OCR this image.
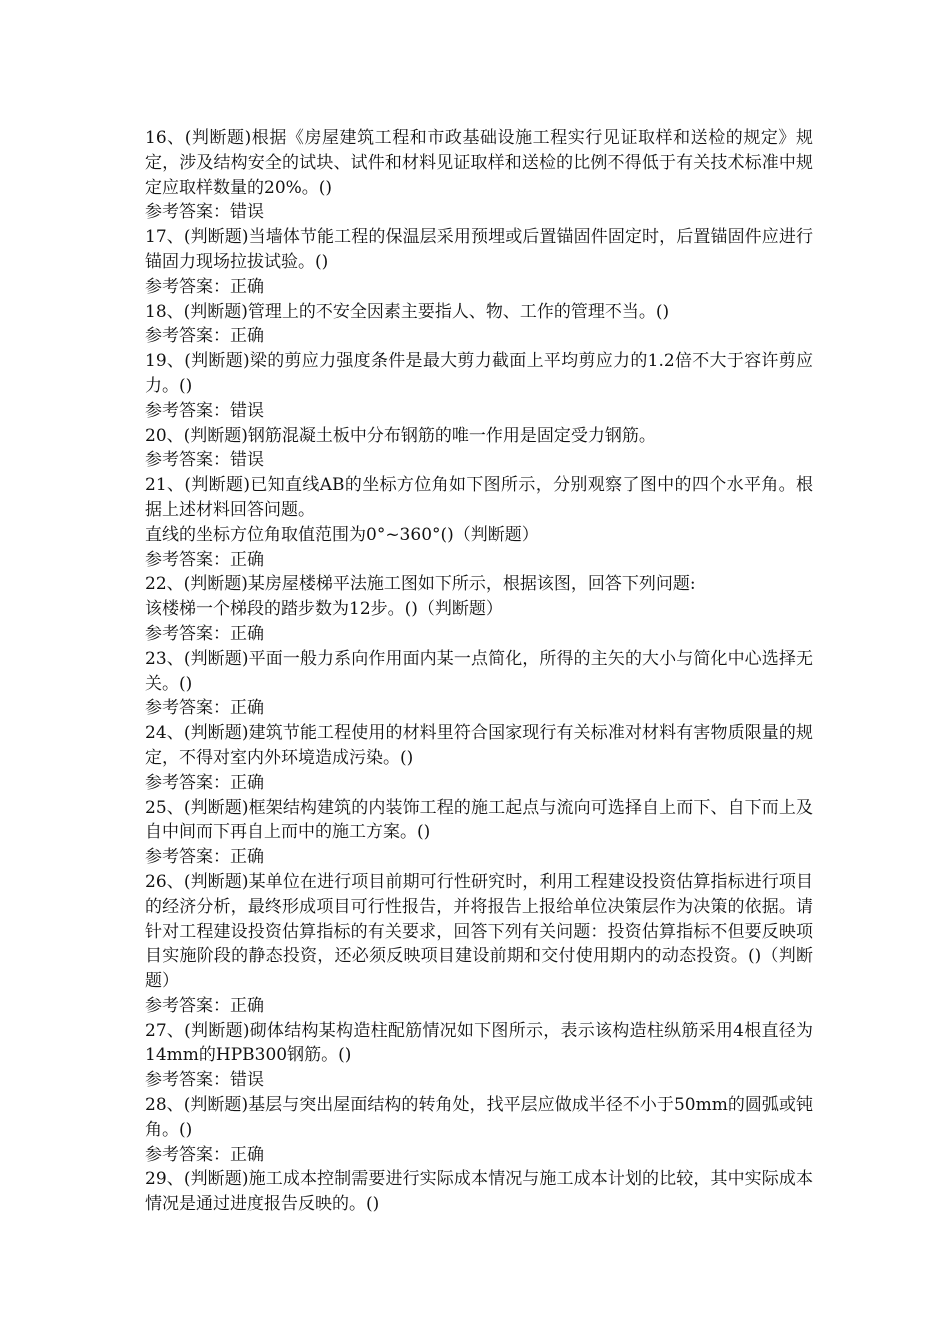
16、(判断题)根据《房屋建筑工程和市政基础设施工程实行见证取样和送检的规定》规定，涉及结构安全的试块、试件和材料见证取样和送检的比例不得低于有关技术标准中规定应取样数量的20%。()
参考答案：错误
17、(判断题)当墙体节能工程的保温层采用预埋或后置锚固件固定时，后置锚固件应进行锚固力现场拉拔试验。()
参考答案：正确
18、(判断题)管理上的不安全因素主要指人、物、工作的管理不当。()
参考答案：正确
19、(判断题)梁的剪应力强度条件是最大剪力截面上平均剪应力的1.2倍不大于容许剪应力。()
参考答案：错误
20、(判断题)钢筋混凝土板中分布钢筋的唯一作用是固定受力钢筋。
参考答案：错误
21、(判断题)已知直线AB的坐标方位角如下图所示，分别观察了图中的四个水平角。根据上述材料回答问题。
直线的坐标方位角取值范围为0°~360°()（判断题）
参考答案：正确
22、(判断题)某房屋楼梯平法施工图如下所示，根据该图，回答下列问题:
该楼梯一个梯段的踏步数为12步。()（判断题）
参考答案：正确
23、(判断题)平面一般力系向作用面内某一点简化，所得的主矢的大小与简化中心选择无关。()
参考答案：正确
24、(判断题)建筑节能工程使用的材料里符合国家现行有关标准对材料有害物质限量的规定，不得对室内外环境造成污染。()
参考答案：正确
25、(判断题)框架结构建筑的内装饰工程的施工起点与流向可选择自上而下、自下而上及自中间而下再自上而中的施工方案。()
参考答案：正确
26、(判断题)某单位在进行项目前期可行性研究时，利用工程建设投资估算指标进行项目的经济分析，最终形成项目可行性报告，并将报告上报给单位决策层作为决策的依据。请针对工程建设投资估算指标的有关要求，回答下列有关问题：投资估算指标不但要反映项目实施阶段的静态投资，还必须反映项目建设前期和交付使用期内的动态投资。()（判断题）
参考答案：正确
27、(判断题)砌体结构某构造柱配筋情况如下图所示，表示该构造柱纵筋采用4根直径为14mm的HPB300钢筋。()
参考答案：错误
28、(判断题)基层与突出屋面结构的转角处，找平层应做成半径不小于50mm的圆弧或钝角。()
参考答案：正确
29、(判断题)施工成本控制需要进行实际成本情况与施工成本计划的比较，其中实际成本情况是通过进度报告反映的。()
